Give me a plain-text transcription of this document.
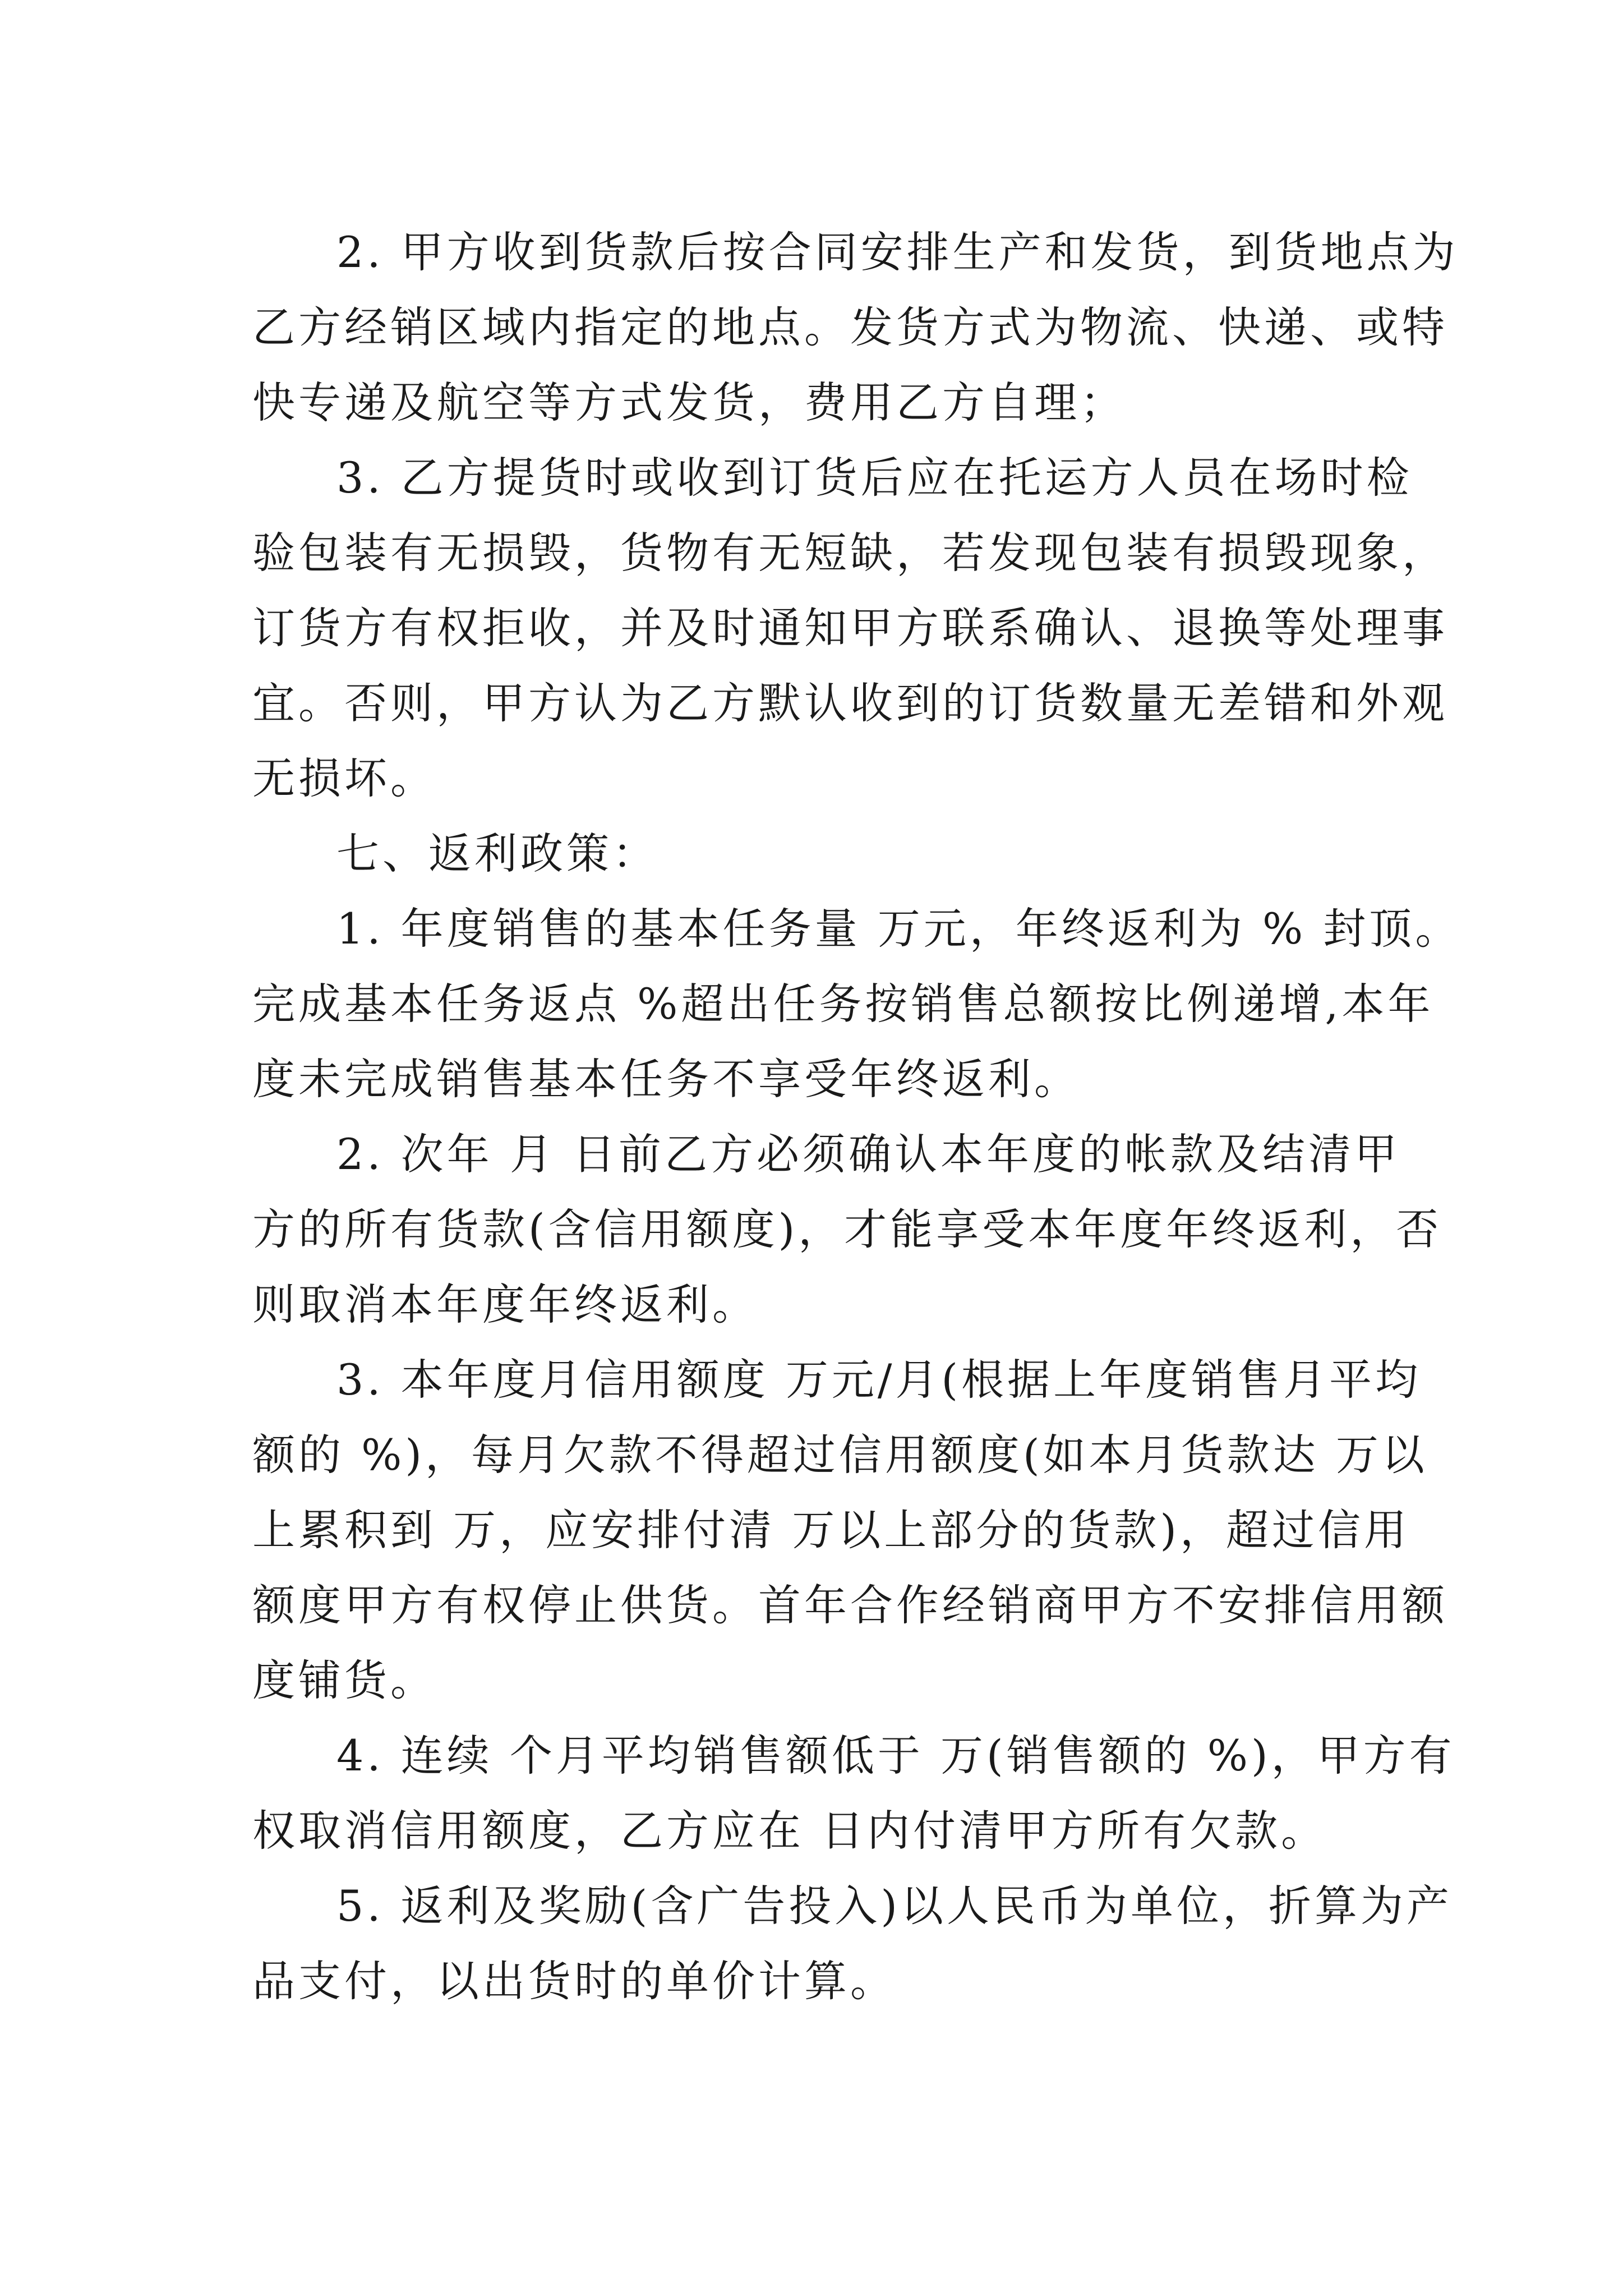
2. 甲方收到货款后按合同安排生产和发货，到货地点为
乙方经销区域内指定的地点。发货方式为物流、快递、或特
快专递及航空等方式发货，费用乙方自理；
3. 乙方提货时或收到订货后应在托运方人员在场时检
验包装有无损毁，货物有无短缺，若发现包装有损毁现象，
订货方有权拒收，并及时通知甲方联系确认、退换等处理事
宜。否则，甲方认为乙方默认收到的订货数量无差错和外观
无损坏。
七、返利政策：
1. 年度销售的基本任务量 万元，年终返利为 % 封顶。
完成基本任务返点 %超出任务按销售总额按比例递增,本年
度未完成销售基本任务不享受年终返利。
2. 次年 月 日前乙方必须确认本年度的帐款及结清甲
方的所有货款(含信用额度)，才能享受本年度年终返利，否
则取消本年度年终返利。
3. 本年度月信用额度 万元/月(根据上年度销售月平均
额的 %)，每月欠款不得超过信用额度(如本月货款达 万以
上累积到 万，应安排付清 万以上部分的货款)，超过信用
额度甲方有权停止供货。首年合作经销商甲方不安排信用额
度铺货。
4. 连续 个月平均销售额低于 万(销售额的 %)，甲方有
权取消信用额度，乙方应在 日内付清甲方所有欠款。
5. 返利及奖励(含广告投入)以人民币为单位，折算为产
品支付，以出货时的单价计算。
